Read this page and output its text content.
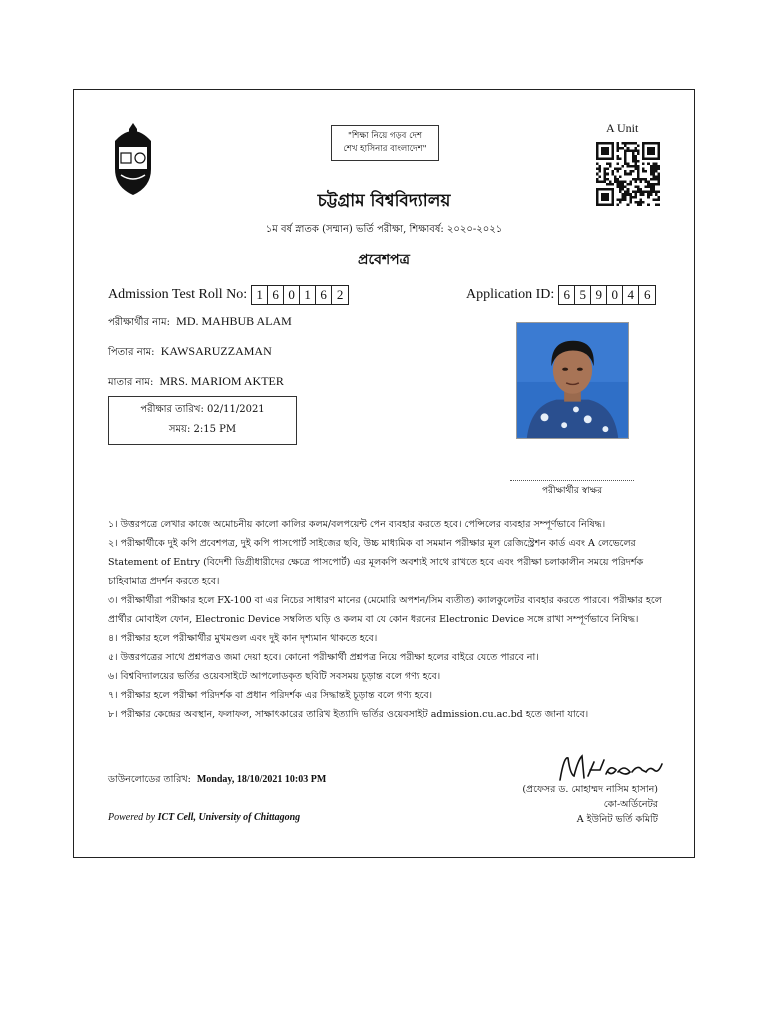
"শিক্ষা নিয়ে গড়ব দেশ
শেখ হাসিনার বাংলাদেশ"
A Unit
চট্টগ্রাম বিশ্ববিদ্যালয়
১ম বর্ষ স্নাতক (সম্মান) ভর্তি পরীক্ষা, শিক্ষাবর্ষ: ২০২০-২০২১
প্রবেশপত্র
Admission Test Roll No: 1 6 0 1 6 2	Application ID: 6 5 9 0 4 6
পরীক্ষার্থীর নাম: MD. MAHBUB ALAM
পিতার নাম: KAWSARUZZAMAN
মাতার নাম: MRS. MARIOM AKTER
পরীক্ষার তারিখ: 02/11/2021
সময়: 2:15 PM
পরীক্ষার্থীর স্বাক্ষর
১। উত্তরপত্রে লেখার কাজে অমোচনীয় কালো কালির কলম/বলপয়েন্ট পেন ব্যবহার করতে হবে। পেন্সিলের ব্যবহার সম্পূর্ণভাবে নিষিদ্ধ।
২। পরীক্ষার্থীকে দুই কপি প্রবেশপত্র, দুই কপি পাসপোর্ট সাইজের ছবি, উচ্চ মাধ্যমিক বা সমমান পরীক্ষার মূল রেজিস্ট্রেশন কার্ড এবং A লেভেলের Statement of Entry (বিদেশী ডিগ্রীধারীদের ক্ষেত্রে পাসপোর্ট) এর মূলকপি অবশ্যই সাথে রাখতে হবে এবং পরীক্ষা চলাকালীন সময়ে পরিদর্শক চাহিবামাত্র প্রদর্শন করতে হবে।
৩। পরীক্ষার্থীরা পরীক্ষার হলে FX-100 বা এর নিচের সাধারণ মানের (মেমোরি অপশন/সিম ব্যতীত) ক্যালকুলেটর ব্যবহার করতে পারবে। পরীক্ষার হলে প্রার্থীর মোবাইল ফোন, Electronic Device সম্বলিত ঘড়ি ও কলম বা যে কোন ধরনের Electronic Device সঙ্গে রাখা সম্পূর্ণভাবে নিষিদ্ধ।
৪। পরীক্ষার হলে পরীক্ষার্থীর মুখমণ্ডল এবং দুই কান দৃশ্যমান থাকতে হবে।
৫। উত্তরপত্রের সাথে প্রশ্নপত্রও জমা দেয়া হবে। কোনো পরীক্ষার্থী প্রশ্নপত্র নিয়ে পরীক্ষা হলের বাইরে যেতে পারবে না।
৬। বিশ্ববিদ্যালয়ের ভর্তির ওয়েবসাইটে আপলোডকৃত ছবিটি সবসময় চূড়ান্ত বলে গণ্য হবে।
৭। পরীক্ষার হলে পরীক্ষা পরিদর্শক বা প্রধান পরিদর্শক এর সিদ্ধান্তই চূড়ান্ত বলে গণ্য হবে।
৮। পরীক্ষার কেন্দ্রের অবস্থান, ফলাফল, সাক্ষাৎকারের তারিখ ইত্যাদি ভর্তির ওয়েবসাইট admission.cu.ac.bd হতে জানা যাবে।
ডাউনলোডের তারিখ: Monday, 18/10/2021 10:03 PM
Powered by ICT Cell, University of Chittagong
(প্রফেসর ড. মোহাম্মদ নাসিম হাসান)
কো-অর্ডিনেটর
A ইউনিট ভর্তি কমিটি
